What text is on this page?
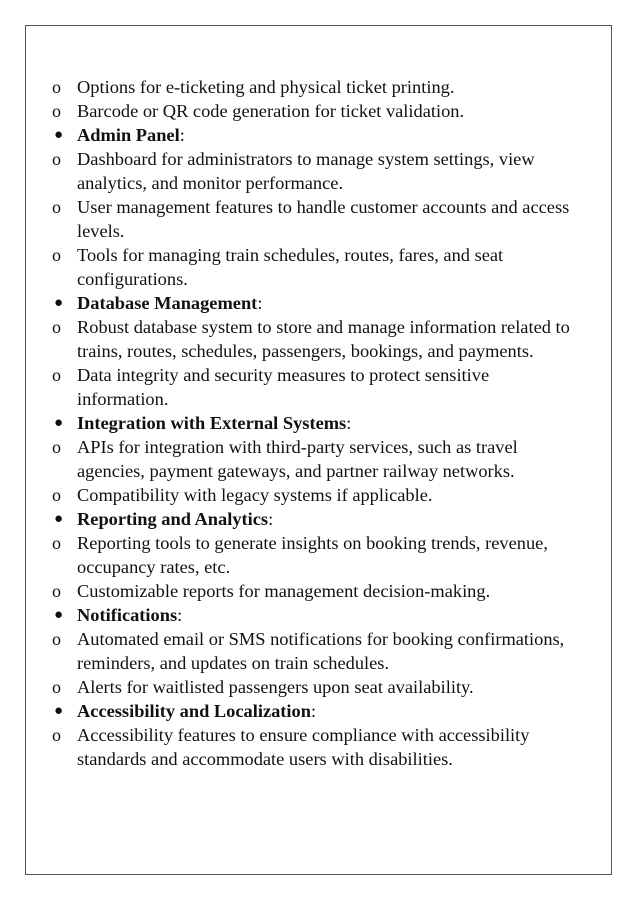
o Options for e-ticketing and physical ticket printing.
o Barcode or QR code generation for ticket validation.
● Admin Panel:
o Dashboard for administrators to manage system settings, view analytics, and monitor performance.
o User management features to handle customer accounts and access levels.
o Tools for managing train schedules, routes, fares, and seat configurations.
● Database Management:
o Robust database system to store and manage information related to trains, routes, schedules, passengers, bookings, and payments.
o Data integrity and security measures to protect sensitive information.
● Integration with External Systems:
o APIs for integration with third-party services, such as travel agencies, payment gateways, and partner railway networks.
o Compatibility with legacy systems if applicable.
● Reporting and Analytics:
o Reporting tools to generate insights on booking trends, revenue, occupancy rates, etc.
o Customizable reports for management decision-making.
● Notifications:
o Automated email or SMS notifications for booking confirmations, reminders, and updates on train schedules.
o Alerts for waitlisted passengers upon seat availability.
● Accessibility and Localization:
o Accessibility features to ensure compliance with accessibility standards and accommodate users with disabilities.
